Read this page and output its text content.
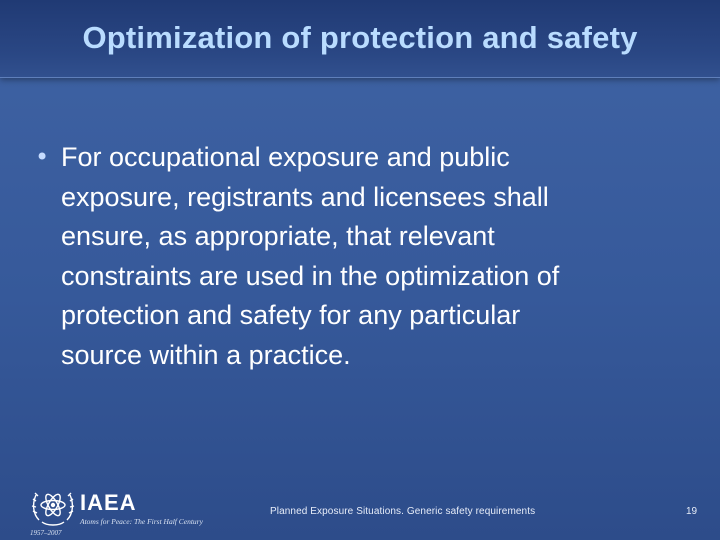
Optimization of protection and safety
• For occupational exposure and public
exposure, registrants and licensees shall
ensure, as appropriate, that relevant
constraints are used in the optimization of
protection and safety for any particular
source within a practice.
IAEA
Atoms for Peace: The First Half Century
1957–2007
Planned Exposure Situations. Generic safety requirements	19
